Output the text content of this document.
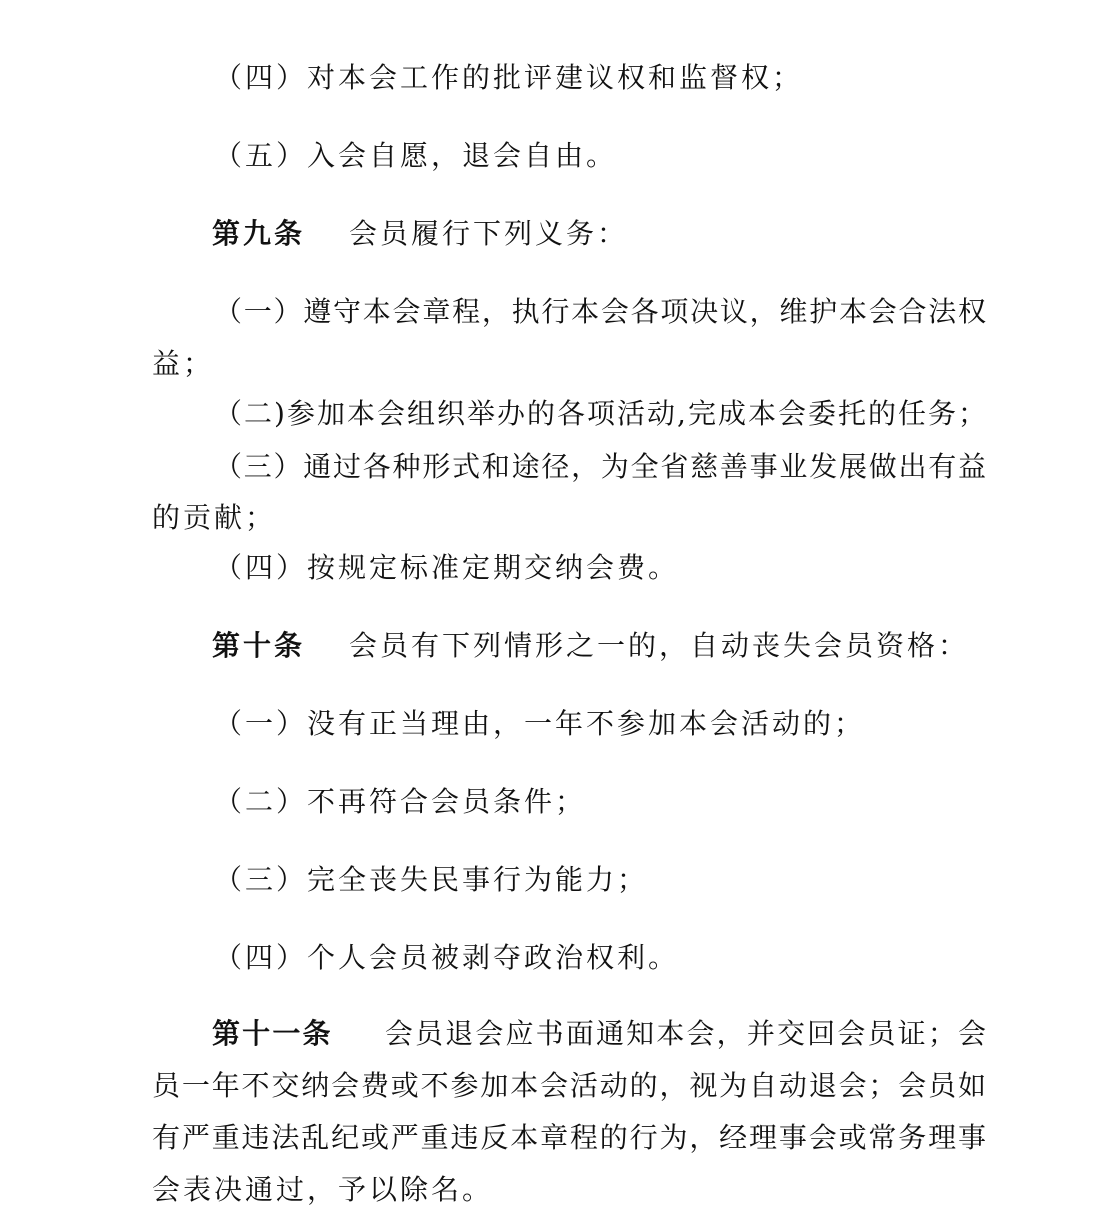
（四）对本会工作的批评建议权和监督权；
（五）入会自愿，退会自由。
第九条 会员履行下列义务：
（一）遵守本会章程，执行本会各项决议，维护本会合法权
益；
（二)参加本会组织举办的各项活动,完成本会委托的任务；
（三）通过各种形式和途径，为全省慈善事业发展做出有益
的贡献；
（四）按规定标准定期交纳会费。
第十条 会员有下列情形之一的，自动丧失会员资格：
（一）没有正当理由，一年不参加本会活动的；
（二）不再符合会员条件；
（三）完全丧失民事行为能力；
（四）个人会员被剥夺政治权利。
第十一条 会员退会应书面通知本会，并交回会员证；会
员一年不交纳会费或不参加本会活动的，视为自动退会；会员如
有严重违法乱纪或严重违反本章程的行为，经理事会或常务理事
会表决通过，予以除名。
